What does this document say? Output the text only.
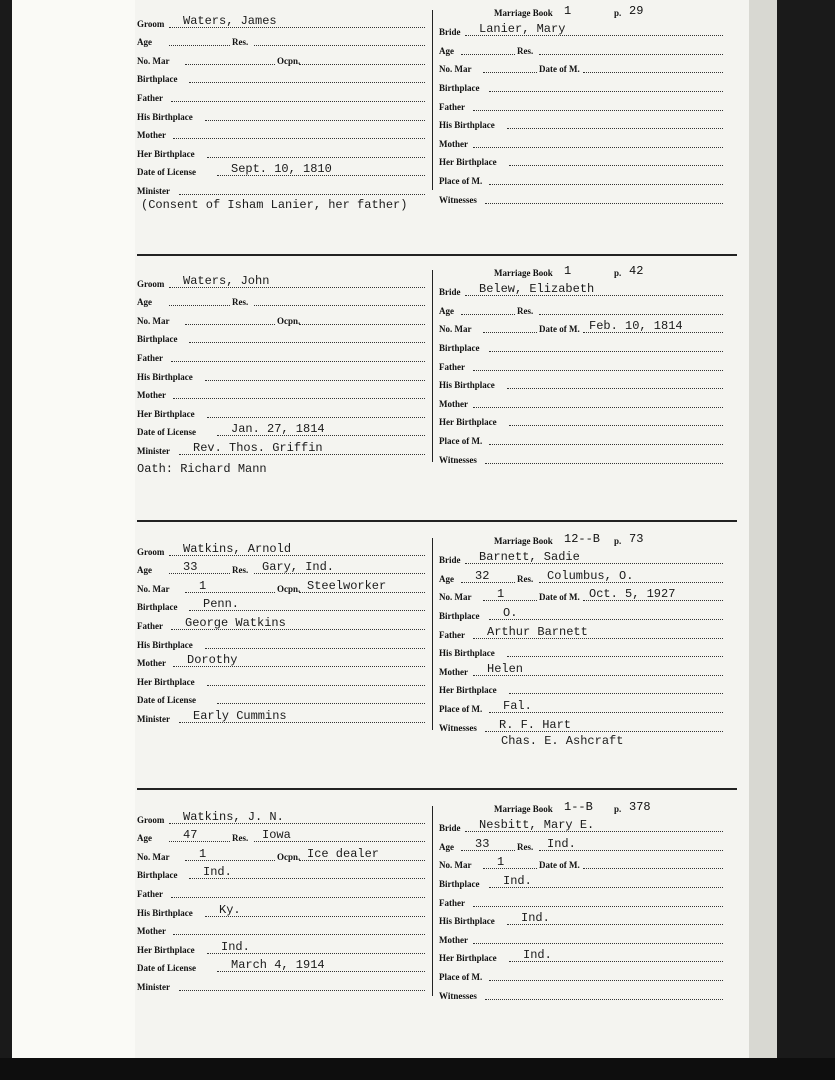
Groom Waters, James
Age	Res.
No. Mar	Ocpn.
Birthplace
Father
His Birthplace
Mother
Her Birthplace
Date of License	Sept. 10, 1810
Minister
Marriage Book 1	p. 29
Bride Lanier, Mary
Age	Res.
No. Mar	Date of M.
Birthplace
Father
His Birthplace
Mother
Her Birthplace
Place of M.
Witnesses
(Consent of Isham Lanier, her father)
Groom Waters, John
Age	Res.
No. Mar	Ocpn.
Birthplace
Father
His Birthplace
Mother
Her Birthplace
Date of License	Jan. 27, 1814
Minister Rev. Thos. Griffin
Marriage Book 1	p. 42
Bride Belew, Elizabeth
Age	Res.
No. Mar	Date of M. Feb. 10, 1814
Birthplace
Father
His Birthplace
Mother
Her Birthplace
Place of M.
Witnesses
Oath: Richard Mann
Groom Watkins, Arnold
Age	33	Res. Gary, Ind.
No. Mar 1	Ocpn. Steelworker
Birthplace Penn.
Father George Watkins
His Birthplace
Mother Dorothy
Her Birthplace
Date of License
Minister Early Cummins
Marriage Book 12--B p. 73
Bride Barnett, Sadie
Age 32	Res. Columbus, O.
No. Mar 1	Date of M. Oct. 5, 1927
Birthplace O.
Father Arthur Barnett
His Birthplace
Mother Helen
Her Birthplace
Place of M. Fal.
Witnesses R. F. Hart
Chas. E. Ashcraft
Groom Watkins, J. N.
Age	47	Res. Iowa
No. Mar 1	Ocpn. Ice dealer
Birthplace Ind.
Father
His Birthplace Ky.
Mother
Her Birthplace Ind.
Date of License	March 4, 1914
Minister
Marriage Book 1--B p. 378
Bride Nesbitt, Mary E.
Age 33	Res. Ind.
No. Mar 1	Date of M.
Birthplace Ind.
Father
His Birthplace Ind.
Mother
Her Birthplace Ind.
Place of M.
Witnesses
